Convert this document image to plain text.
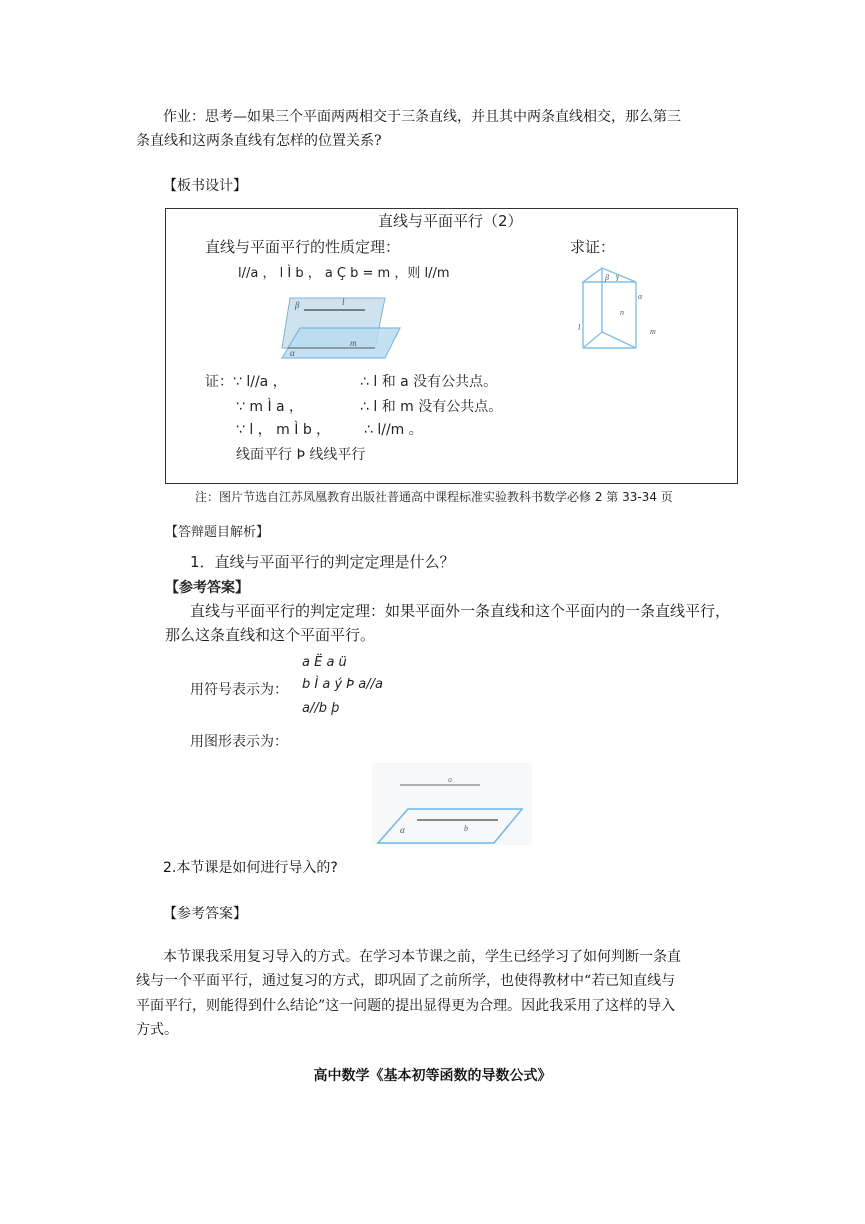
作业：思考—如果三个平面两两相交于三条直线，并且其中两条直线相交，那么第三

条直线和这两条直线有怎样的位置关系?

【板书设计】

直线与平面平行（2）
直线与平面平行的性质定理：	求证：
l//a ， l Ì b ， a Ç b = m ，则 l//m
β	l
α
m
β γ
α
n
l	m
证：∵ l//a ，	∴ l 和 a 没有公共点。
∵ m Ì a ，	∴ l 和 m 没有公共点。
∵ l ， m Ì b ， ∴ l//m 。
线面平行 Þ 线线平行
注：图片节选自江苏凤凰教育出版社普通高中课程标准实验教科书数学必修 2 第 33-34 页
【答辩题目解析】
1．直线与平面平行的判定定理是什么？
【参考答案】
直线与平面平行的判定定理：如果平面外一条直线和这个平面内的一条直线平行，
那么这条直线和这个平面平行。
用符号表示为：
a Ë a ü
b Ì a ý Þ a//a
a//b þ
用图形表示为：
a
b
α

2.本节课是如何进行导入的?

【参考答案】

本节课我采用复习导入的方式。在学习本节课之前，学生已经学习了如何判断一条直

线与一个平面平行，通过复习的方式，即巩固了之前所学，也使得教材中“若已知直线与

平面平行，则能得到什么结论”这一问题的提出显得更为合理。因此我采用了这样的导入

方式。

高中数学《基本初等函数的导数公式》
